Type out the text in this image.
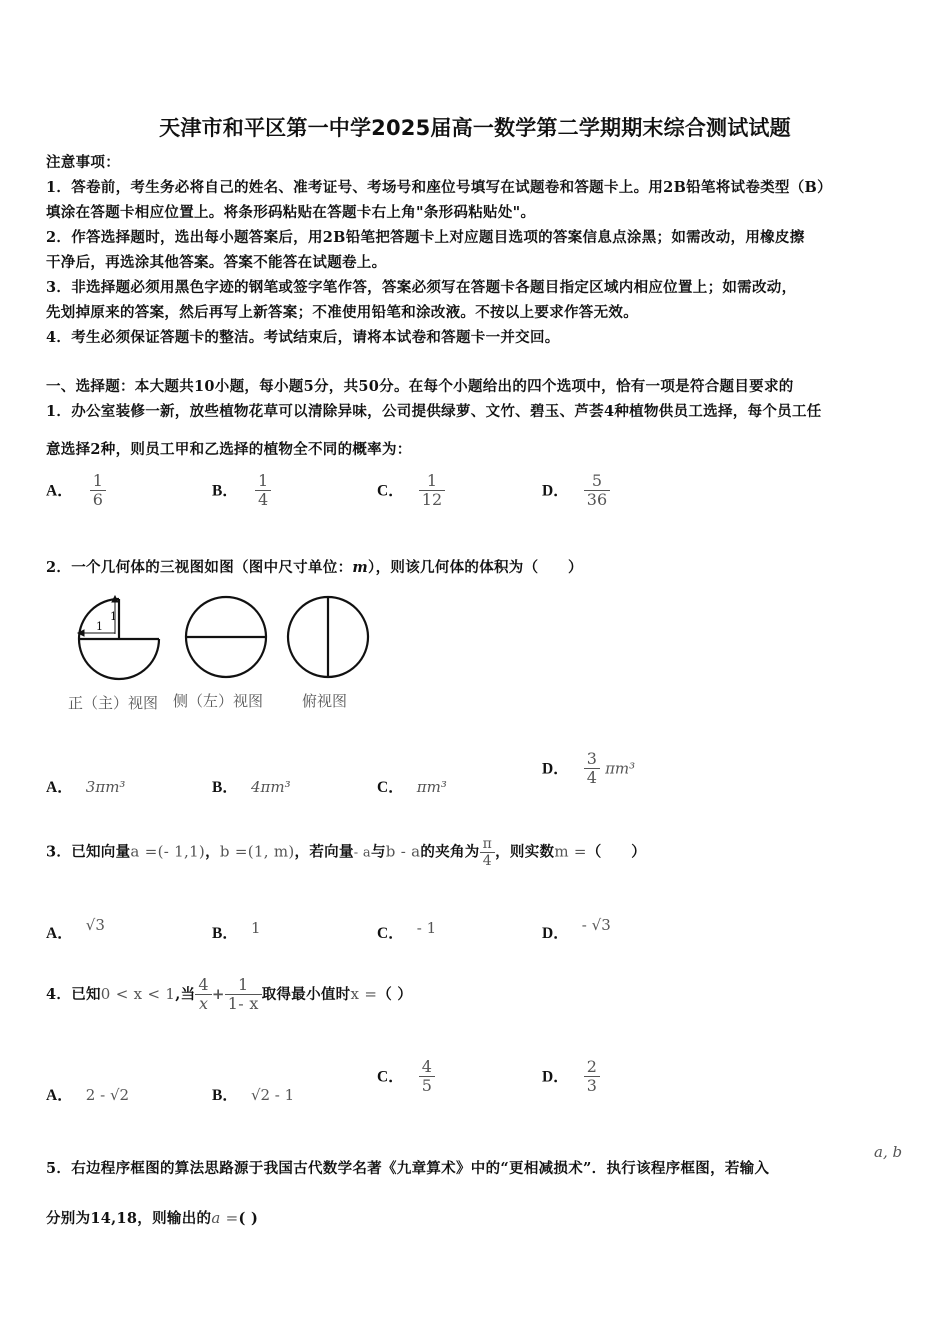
天津市和平区第一中学2025届高一数学第二学期期末综合测试试题
注意事项：
1．答卷前，考生务必将自己的姓名、准考证号、考场号和座位号填写在试题卷和答题卡上。用2B铅笔将试卷类型（B）
填涂在答题卡相应位置上。将条形码粘贴在答题卡右上角"条形码粘贴处"。
2．作答选择题时，选出每小题答案后，用2B铅笔把答题卡上对应题目选项的答案信息点涂黑；如需改动，用橡皮擦
干净后，再选涂其他答案。答案不能答在试题卷上。
3．非选择题必须用黑色字迹的钢笔或签字笔作答，答案必须写在答题卡各题目指定区域内相应位置上；如需改动，
先划掉原来的答案，然后再写上新答案；不准使用铅笔和涂改液。不按以上要求作答无效。
4．考生必须保证答题卡的整洁。考试结束后，请将本试卷和答题卡一并交回。
一、选择题：本大题共10小题，每小题5分，共50分。在每个小题给出的四个选项中，恰有一项是符合题目要求的
1．办公室装修一新，放些植物花草可以清除异味，公司提供绿萝、文竹、碧玉、芦荟4种植物供员工选择，每个员工任
意选择2种，则员工甲和乙选择的植物全不同的概率为：
A． $\frac{1}{6}$	B． $\frac{1}{4}$	C． $\frac{1}{12}$	D． $\frac{5}{36}$
2．一个几何体的三视图如图（图中尺寸单位：m），则该几何体的体积为（　　）
1
1
正（主）视图 侧（左）视图	俯视图
A． 3πm³	B． 4πm³	C． πm³
D． $\frac{3}{4} \pi m^3$
3．已知向量a =(- 1,1)，b =(1, m)，若向量- a与b - a的夹角为 $\frac{\pi}{4}$ ，则实数m =（　　）
A． √3	B． 1	C． - 1	D． - √3
4．已知0 < x < 1,当 $\frac{4}{x} + \frac{1}{1- x}$ 取得最小值时x =（ ）
A． 2 - √2	B． √2 - 1
C． $\frac{4}{5}$	D． $\frac{2}{3}$
5．右边程序框图的算法思路源于我国古代数学名著《九章算术》中的“更相减损术”．执行该程序框图，若输入
a, b
分别为14,18，则输出的a =( )
